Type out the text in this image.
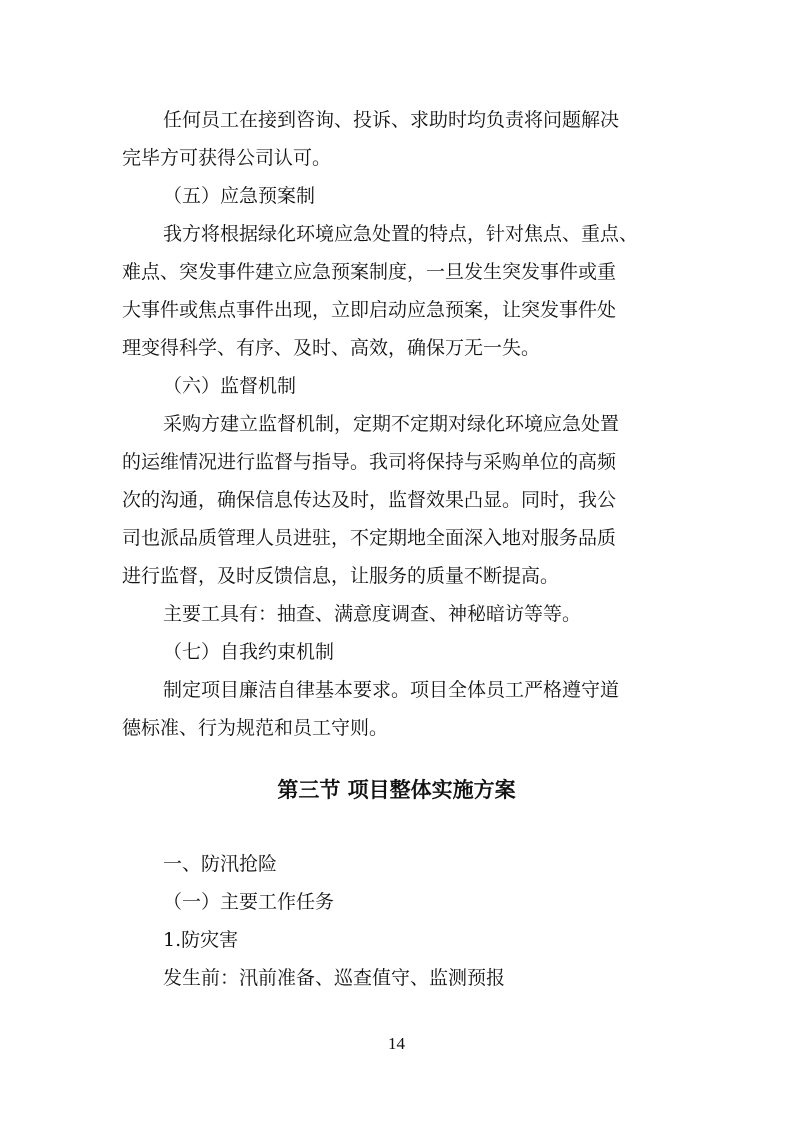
任何员工在接到咨询、投诉、求助时均负责将问题解决
完毕方可获得公司认可。
（五）应急预案制
我方将根据绿化环境应急处置的特点，针对焦点、重点、
难点、突发事件建立应急预案制度，一旦发生突发事件或重
大事件或焦点事件出现，立即启动应急预案，让突发事件处
理变得科学、有序、及时、高效，确保万无一失。
（六）监督机制
采购方建立监督机制，定期不定期对绿化环境应急处置
的运维情况进行监督与指导。我司将保持与采购单位的高频
次的沟通，确保信息传达及时，监督效果凸显。同时，我公
司也派品质管理人员进驻，不定期地全面深入地对服务品质
进行监督，及时反馈信息，让服务的质量不断提高。
主要工具有：抽查、满意度调查、神秘暗访等等。
（七）自我约束机制
制定项目廉洁自律基本要求。项目全体员工严格遵守道
德标准、行为规范和员工守则。
第三节 项目整体实施方案
一、防汛抢险
（一）主要工作任务
1.防灾害
发生前：汛前准备、巡查值守、监测预报
14
